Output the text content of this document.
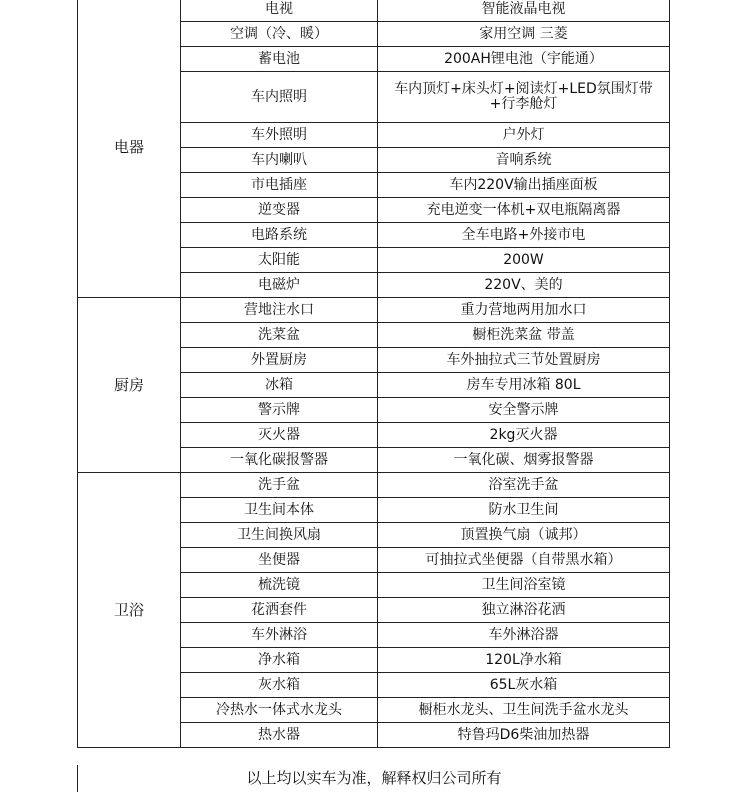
电器	电视	智能液晶电视
	空调（冷、暖）	家用空调 三菱
	蓄电池	200AH锂电池（宇能通）
	车内照明	车内顶灯+床头灯+阅读灯+LED氛围灯带+行李舱灯
	车外照明	户外灯
	车内喇叭	音响系统
	市电插座	车内220V输出插座面板
	逆变器	充电逆变一体机+双电瓶隔离器
	电路系统	全车电路+外接市电
	太阳能	200W
	电磁炉	220V、美的
厨房	营地注水口	重力营地两用加水口
	洗菜盆	橱柜洗菜盆 带盖
	外置厨房	车外抽拉式三节处置厨房
	冰箱	房车专用冰箱 80L
	警示牌	安全警示牌
	灭火器	2kg灭火器
	一氧化碳报警器	一氧化碳、烟雾报警器
卫浴	洗手盆	浴室洗手盆
	卫生间本体	防水卫生间
	卫生间换风扇	顶置换气扇（诚邦）
	坐便器	可抽拉式坐便器（自带黑水箱）
	梳洗镜	卫生间浴室镜
	花洒套件	独立淋浴花洒
	车外淋浴	车外淋浴器
	净水箱	120L净水箱
	灰水箱	65L灰水箱
	冷热水一体式水龙头	橱柜水龙头、卫生间洗手盆水龙头
	热水器	特鲁玛D6柴油加热器
以上均以实车为准，解释权归公司所有
